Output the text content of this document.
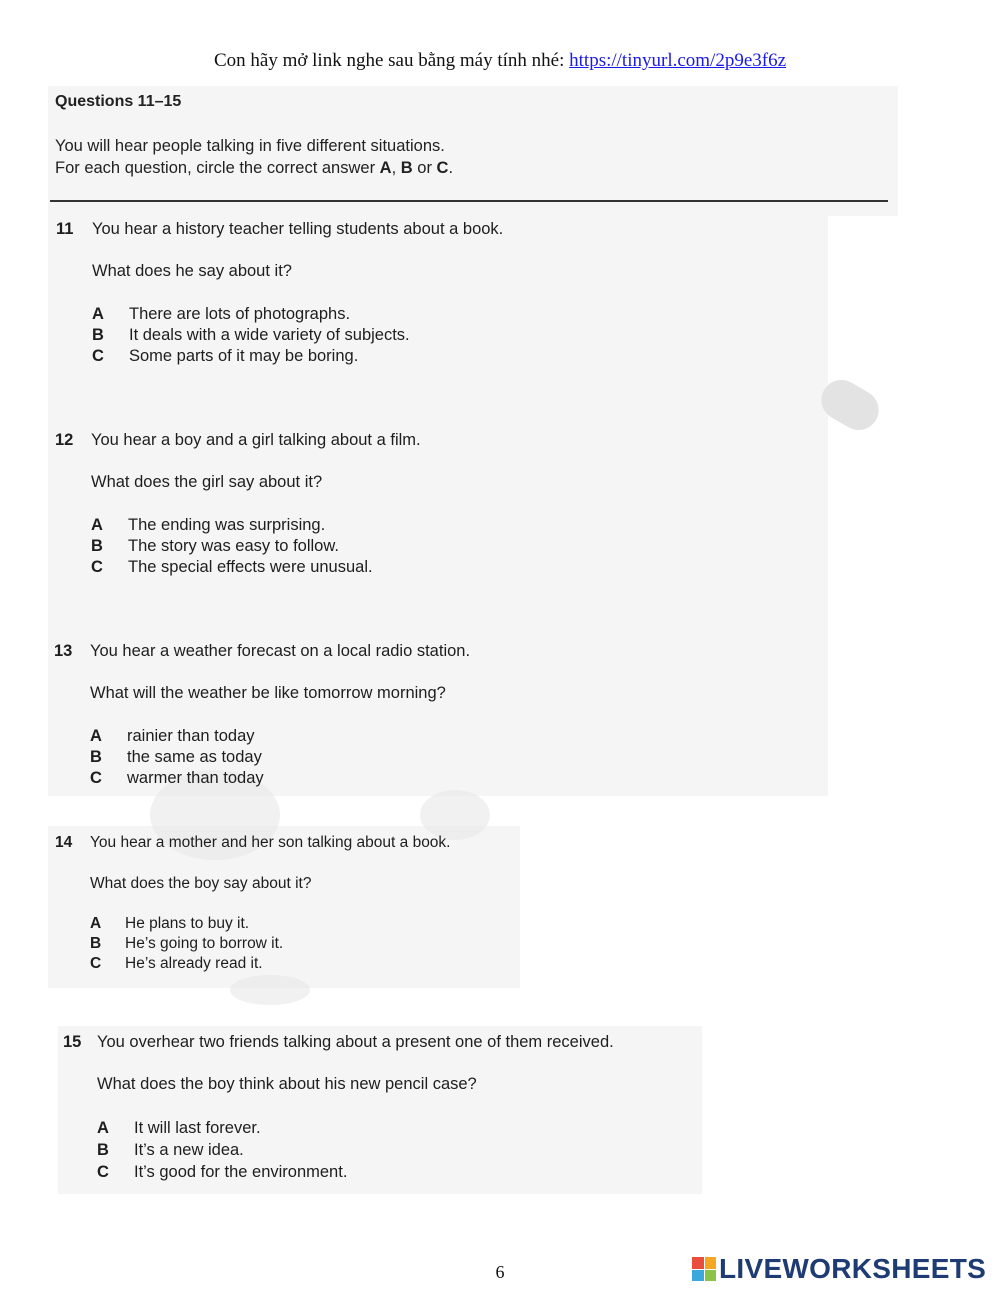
Con hãy mở link nghe sau bằng máy tính nhé: https://tinyurl.com/2p9e3f6z
Questions 11–15
You will hear people talking in five different situations.
For each question, circle the correct answer A, B or C.
11 You hear a history teacher telling students about a book.
What does he say about it?
A There are lots of photographs.
B It deals with a wide variety of subjects.
C Some parts of it may be boring.
12 You hear a boy and a girl talking about a film.
What does the girl say about it?
A The ending was surprising.
B The story was easy to follow.
C The special effects were unusual.
13 You hear a weather forecast on a local radio station.
What will the weather be like tomorrow morning?
A rainier than today
B the same as today
C warmer than today
14 You hear a mother and her son talking about a book.
What does the boy say about it?
A He plans to buy it.
B He’s going to borrow it.
C He’s already read it.
15 You overhear two friends talking about a present one of them received.
What does the boy think about his new pencil case?
A It will last forever.
B It’s a new idea.
C It’s good for the environment.
6	LIVEWORKSHEETS
